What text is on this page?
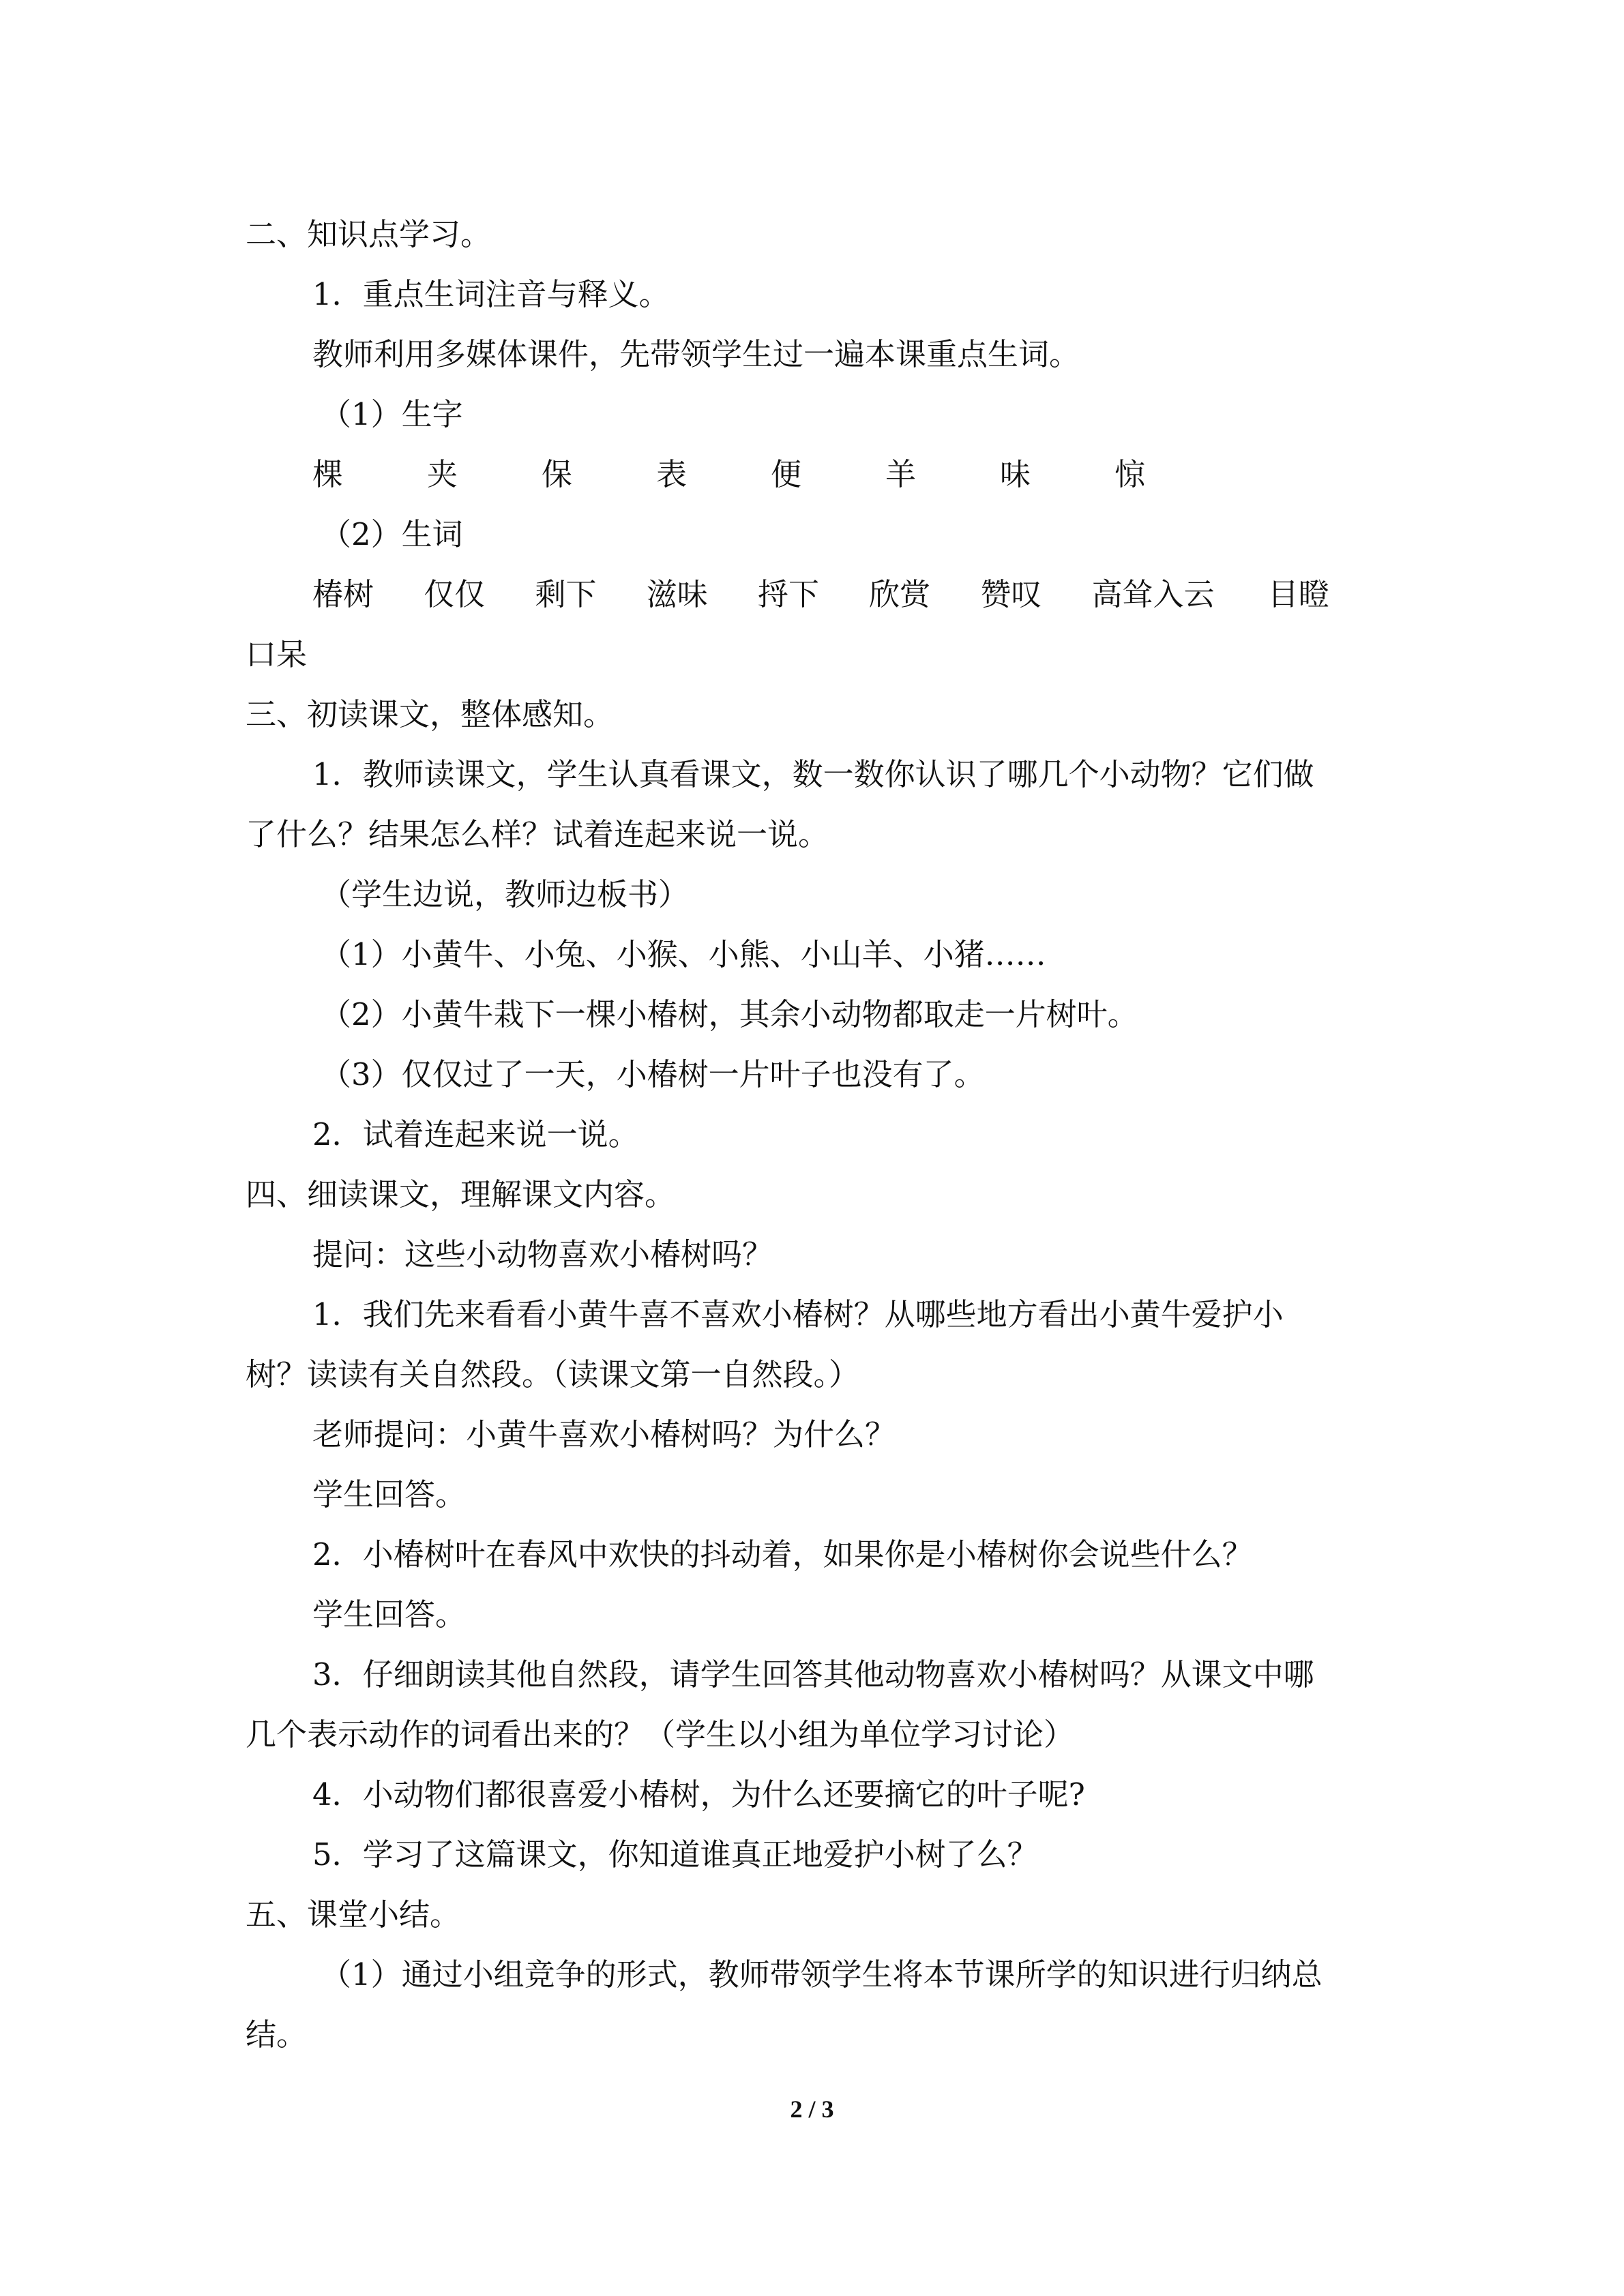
二、知识点学习。

1．重点生词注音与释义。

教师利用多媒体课件，先带领学生过一遍本课重点生词。

（1）生字

棵	夹	保	表	便	羊	味	惊

（2）生词

椿树	仅仅	剩下	滋味	捋下	欣赏	赞叹	高耸入云	目瞪

口呆

三、初读课文，整体感知。

1．教师读课文，学生认真看课文，数一数你认识了哪几个小动物？它们做

了什么？结果怎么样？试着连起来说一说。

（学生边说，教师边板书）

（1）小黄牛、小兔、小猴、小熊、小山羊、小猪……

（2）小黄牛栽下一棵小椿树，其余小动物都取走一片树叶。

（3）仅仅过了一天，小椿树一片叶子也没有了。

2．试着连起来说一说。

四、细读课文，理解课文内容。

提问：这些小动物喜欢小椿树吗？

1．我们先来看看小黄牛喜不喜欢小椿树？从哪些地方看出小黄牛爱护小

树？读读有关自然段。（读课文第一自然段。）

老师提问：小黄牛喜欢小椿树吗？为什么？

学生回答。

2．小椿树叶在春风中欢快的抖动着，如果你是小椿树你会说些什么？

学生回答。

3．仔细朗读其他自然段，请学生回答其他动物喜欢小椿树吗？从课文中哪

几个表示动作的词看出来的？（学生以小组为单位学习讨论）

4．小动物们都很喜爱小椿树，为什么还要摘它的叶子呢?

5．学习了这篇课文，你知道谁真正地爱护小树了么？

五、课堂小结。

（1）通过小组竞争的形式，教师带领学生将本节课所学的知识进行归纳总

结。

2 / 3
